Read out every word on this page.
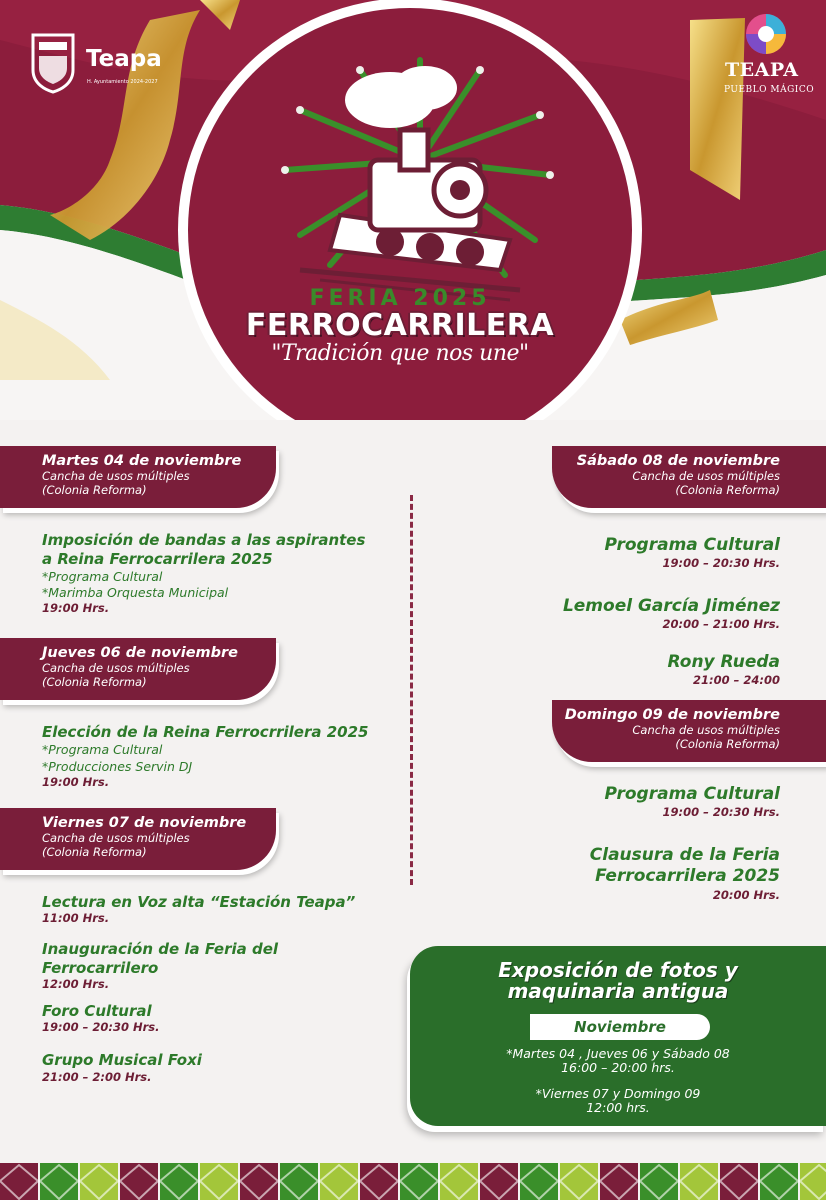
Teapa
H. Ayuntamiento 2024-2027
TEAPA
PUEBLO MÁGICO
FERIA 2025
FERROCARRILERA
"Tradición que nos une"
Martes 04 de noviembre
Cancha de usos múltiples
(Colonia Reforma)
Imposición de bandas a las aspirantes
a Reina Ferrocarrilera 2025
*Programa Cultural
*Marimba Orquesta Municipal
19:00 Hrs.
Jueves 06 de noviembre
Cancha de usos múltiples
(Colonia Reforma)
Elección de la Reina Ferrocrrilera 2025
*Programa Cultural
*Producciones Servin DJ
19:00 Hrs.
Viernes 07 de noviembre
Cancha de usos múltiples
(Colonia Reforma)
Lectura en Voz alta “Estación Teapa”
11:00 Hrs.
Inauguración de la Feria del
Ferrocarrilero
12:00 Hrs.
Foro Cultural
19:00 – 20:30 Hrs.
Grupo Musical Foxi
21:00 – 2:00 Hrs.
Sábado 08 de noviembre
Cancha de usos múltiples
(Colonia Reforma)
Programa Cultural
19:00 – 20:30 Hrs.
Lemoel García Jiménez
20:00 – 21:00 Hrs.
Rony Rueda
21:00 – 24:00
Domingo 09 de noviembre
Cancha de usos múltiples
(Colonia Reforma)
Programa Cultural
19:00 – 20:30 Hrs.
Clausura de la Feria
Ferrocarrilera 2025
20:00 Hrs.
Exposición de fotos y
maquinaria antigua
Noviembre
*Martes 04 , Jueves 06 y Sábado 08
16:00 – 20:00 hrs.
*Viernes 07 y Domingo 09
12:00 hrs.
